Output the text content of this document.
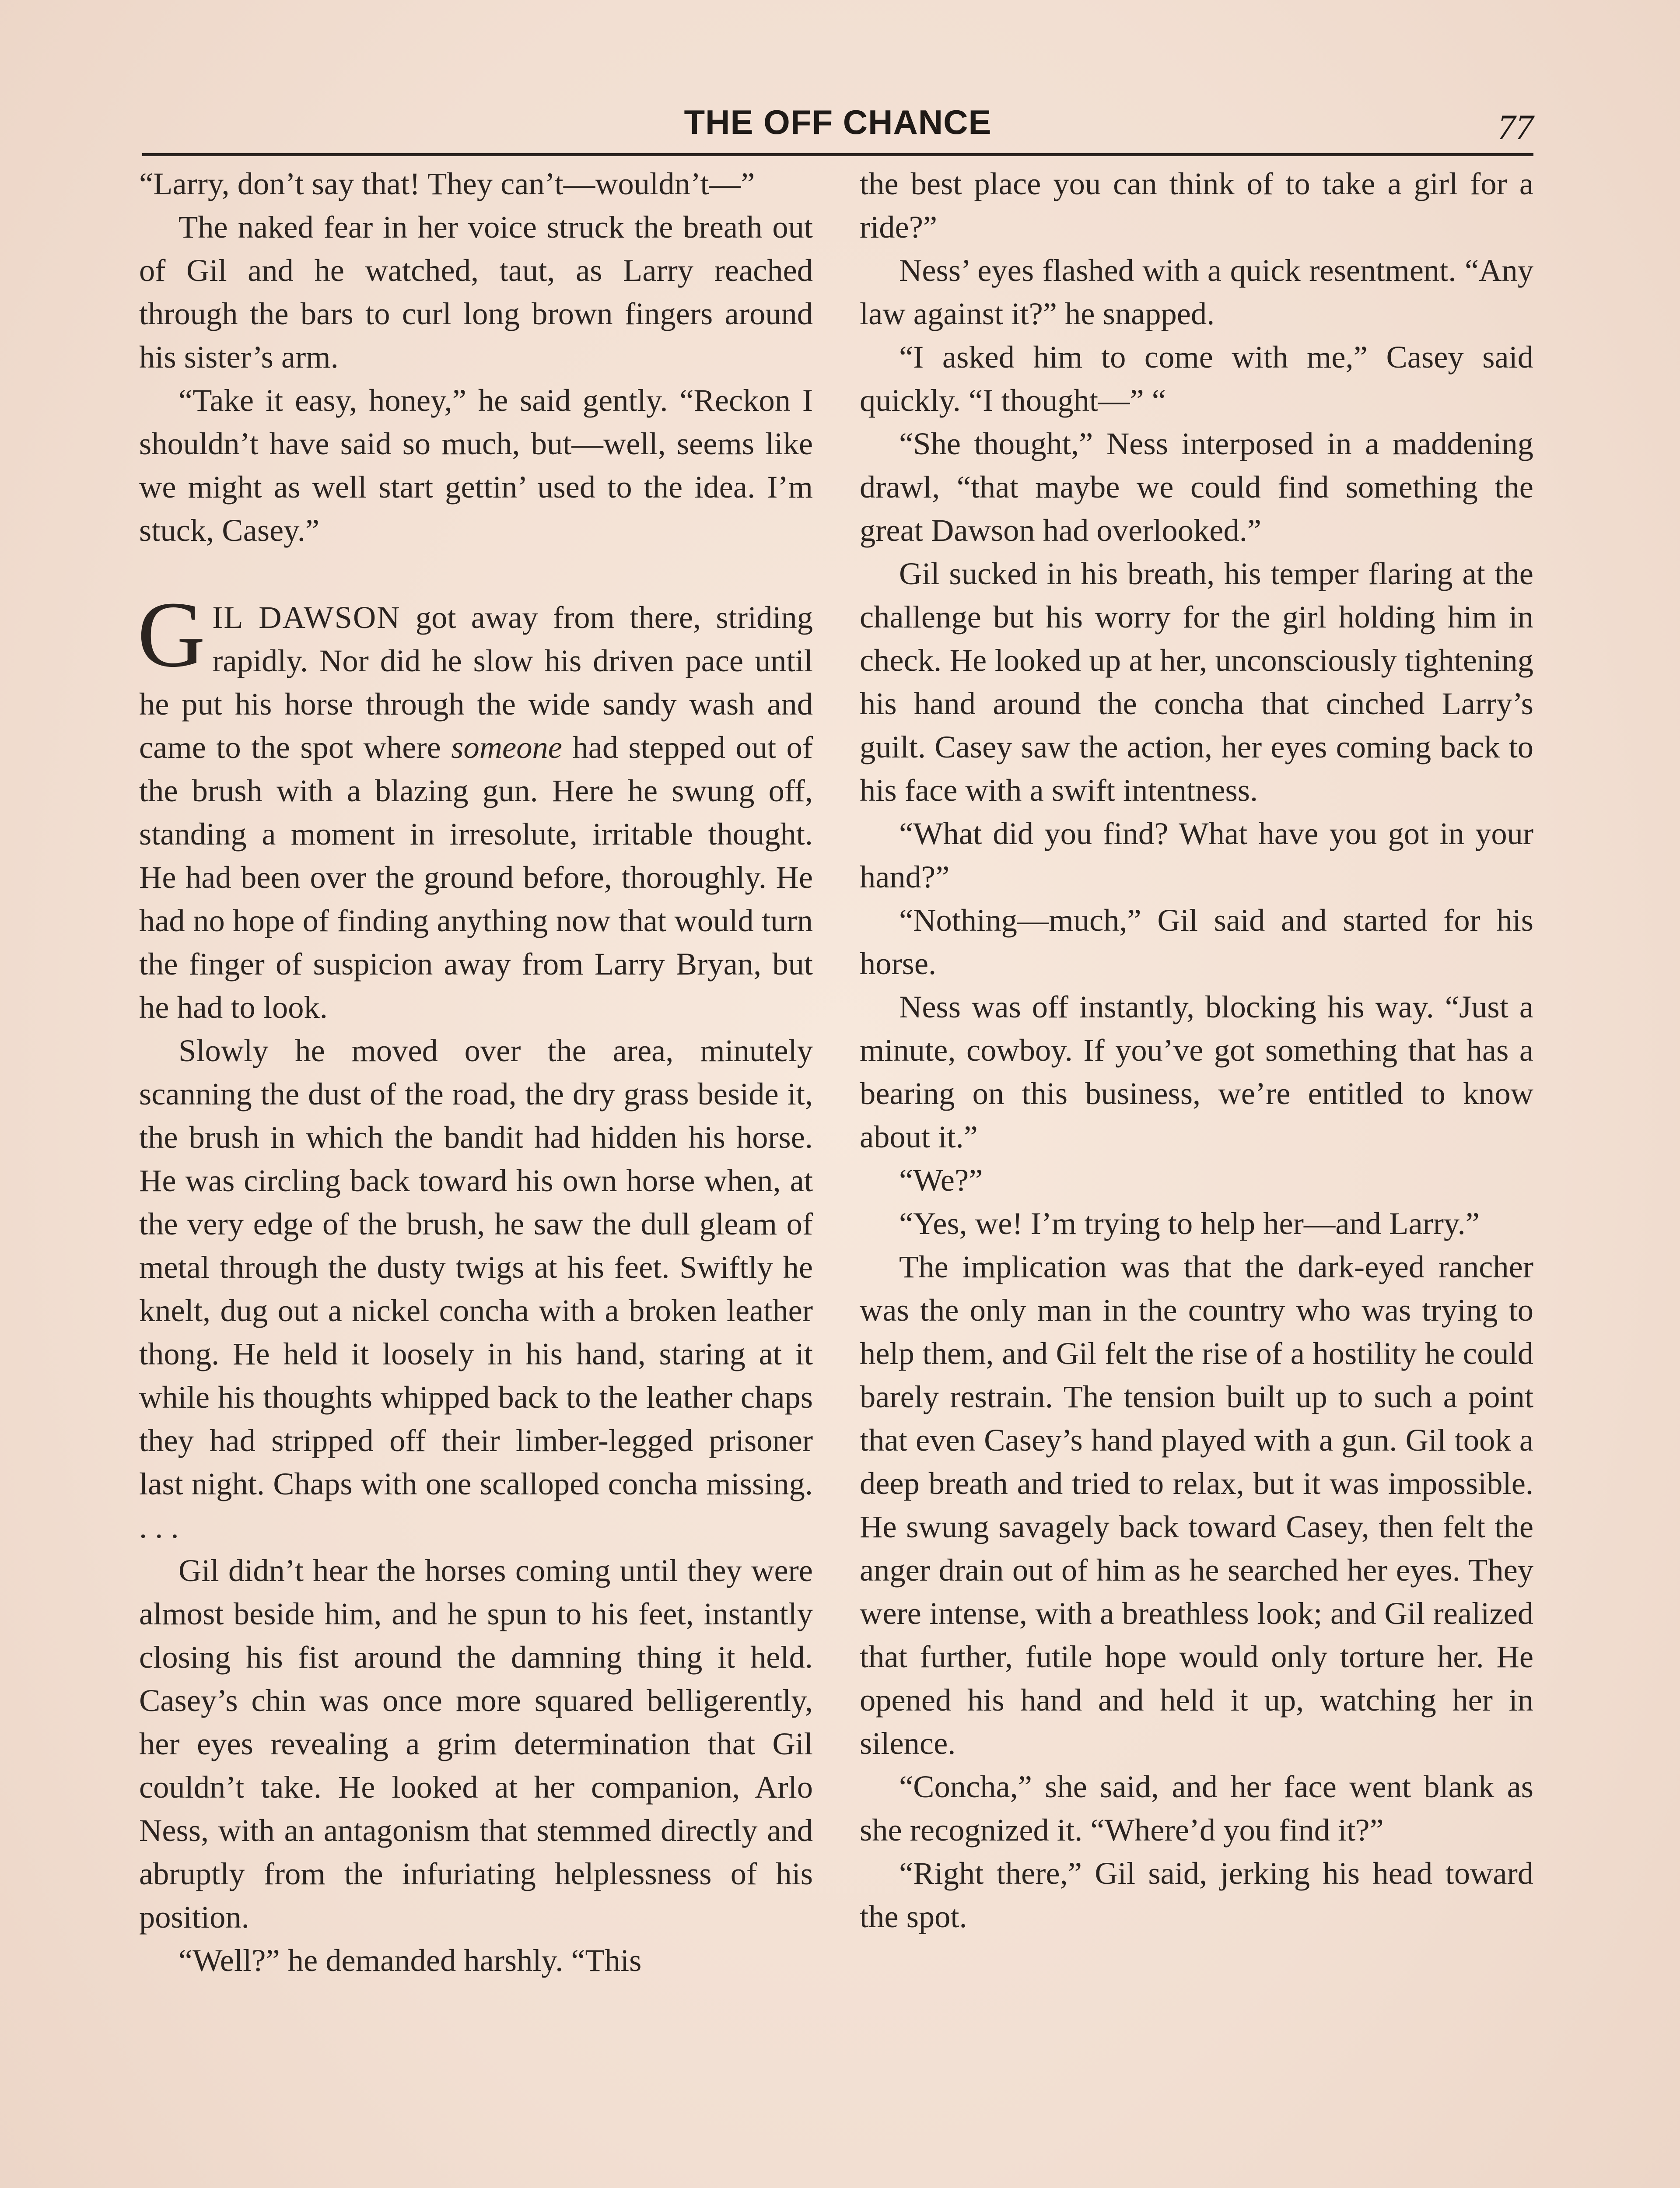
THE OFF CHANCE	77

“Larry, don’t say that! They can’t—wouldn’t—”

The naked fear in her voice struck the breath out of Gil and he watched, taut, as Larry reached through the bars to curl long brown fingers around his sister’s arm.

“Take it easy, honey,” he said gently. “Reckon I shouldn’t have said so much, but—well, seems like we might as well start gettin’ used to the idea. I’m stuck, Casey.”

GIL DAWSON got away from there, striding rapidly. Nor did he slow his driven pace until he put his horse through the wide sandy wash and came to the spot where someone had stepped out of the brush with a blazing gun. Here he swung off, standing a moment in irresolute, irritable thought. He had been over the ground before, thoroughly. He had no hope of finding anything now that would turn the finger of suspicion away from Larry Bryan, but he had to look.

Slowly he moved over the area, minutely scanning the dust of the road, the dry grass beside it, the brush in which the bandit had hidden his horse. He was circling back toward his own horse when, at the very edge of the brush, he saw the dull gleam of metal through the dusty twigs at his feet. Swiftly he knelt, dug out a nickel concha with a broken leather thong. He held it loosely in his hand, staring at it while his thoughts whipped back to the leather chaps they had stripped off their limber-legged prisoner last night. Chaps with one scalloped concha missing. . . .

Gil didn’t hear the horses coming until they were almost beside him, and he spun to his feet, instantly closing his fist around the damning thing it held. Casey’s chin was once more squared belligerently, her eyes revealing a grim determination that Gil couldn’t take. He looked at her companion, Arlo Ness, with an antagonism that stemmed directly and abruptly from the infuriating helplessness of his position.

“Well?” he demanded harshly. “This

the best place you can think of to take a girl for a ride?”

Ness’ eyes flashed with a quick resentment. “Any law against it?” he snapped.

“I asked him to come with me,” Casey said quickly. “I thought—” “

“She thought,” Ness interposed in a maddening drawl, “that maybe we could find something the great Dawson had overlooked.”

Gil sucked in his breath, his temper flaring at the challenge but his worry for the girl holding him in check. He looked up at her, unconsciously tightening his hand around the concha that cinched Larry’s guilt. Casey saw the action, her eyes coming back to his face with a swift intentness.

“What did you find? What have you got in your hand?”

“Nothing—much,” Gil said and started for his horse.

Ness was off instantly, blocking his way. “Just a minute, cowboy. If you’ve got something that has a bearing on this business, we’re entitled to know about it.”

“We?”

“Yes, we! I’m trying to help her—and Larry.”

The implication was that the dark-eyed rancher was the only man in the country who was trying to help them, and Gil felt the rise of a hostility he could barely restrain. The tension built up to such a point that even Casey’s hand played with a gun. Gil took a deep breath and tried to relax, but it was impossible. He swung savagely back toward Casey, then felt the anger drain out of him as he searched her eyes. They were intense, with a breathless look; and Gil realized that further, futile hope would only torture her. He opened his hand and held it up, watching her in silence.

“Concha,” she said, and her face went blank as she recognized it. “Where’d you find it?”

“Right there,” Gil said, jerking his head toward the spot.
